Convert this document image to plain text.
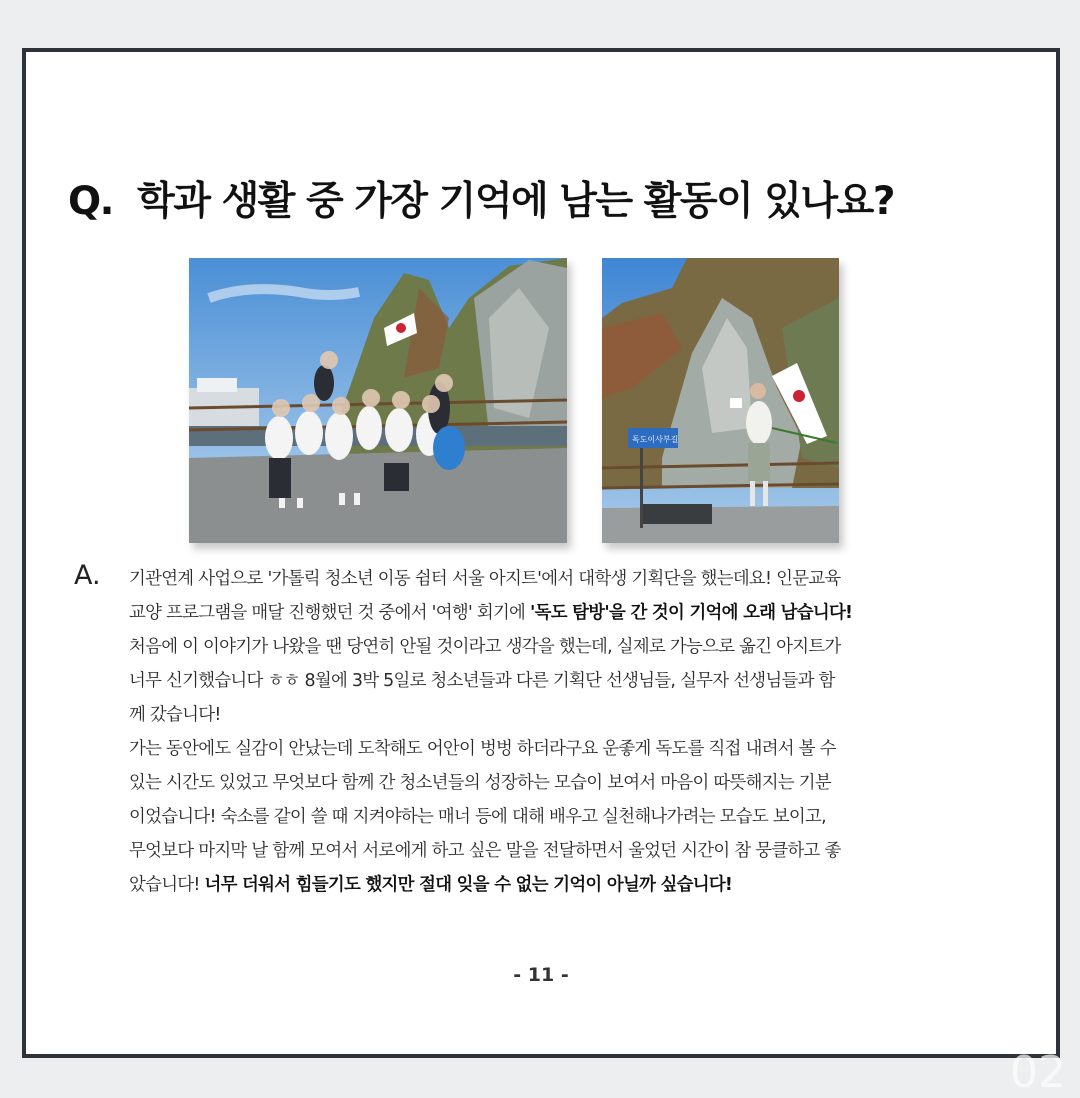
Q. 학과 생활 중 가장 기억에 남는 활동이 있나요?
독도이사부길
A. 기관연계 사업으로 '가톨릭 청소년 이동 쉼터 서울 아지트'에서 대학생 기획단을 했는데요! 인문교육
교양 프로그램을 매달 진행했던 것 중에서 '여행' 회기에 '독도 탐방'을 간 것이 기억에 오래 남습니다!
처음에 이 이야기가 나왔을 땐 당연히 안될 것이라고 생각을 했는데, 실제로 가능으로 옮긴 아지트가
너무 신기했습니다 ㅎㅎ 8월에 3박 5일로 청소년들과 다른 기획단 선생님들, 실무자 선생님들과 함
께 갔습니다!
가는 동안에도 실감이 안났는데 도착해도 어안이 벙벙 하더라구요 운좋게 독도를 직접 내려서 볼 수
있는 시간도 있었고 무엇보다 함께 간 청소년들의 성장하는 모습이 보여서 마음이 따뜻해지는 기분
이었습니다! 숙소를 같이 쓸 때 지켜야하는 매너 등에 대해 배우고 실천해나가려는 모습도 보이고,
무엇보다 마지막 날 함께 모여서 서로에게 하고 싶은 말을 전달하면서 울었던 시간이 참 뭉클하고 좋
았습니다! 너무 더워서 힘들기도 했지만 절대 잊을 수 없는 기억이 아닐까 싶습니다!
- 11 -
02
